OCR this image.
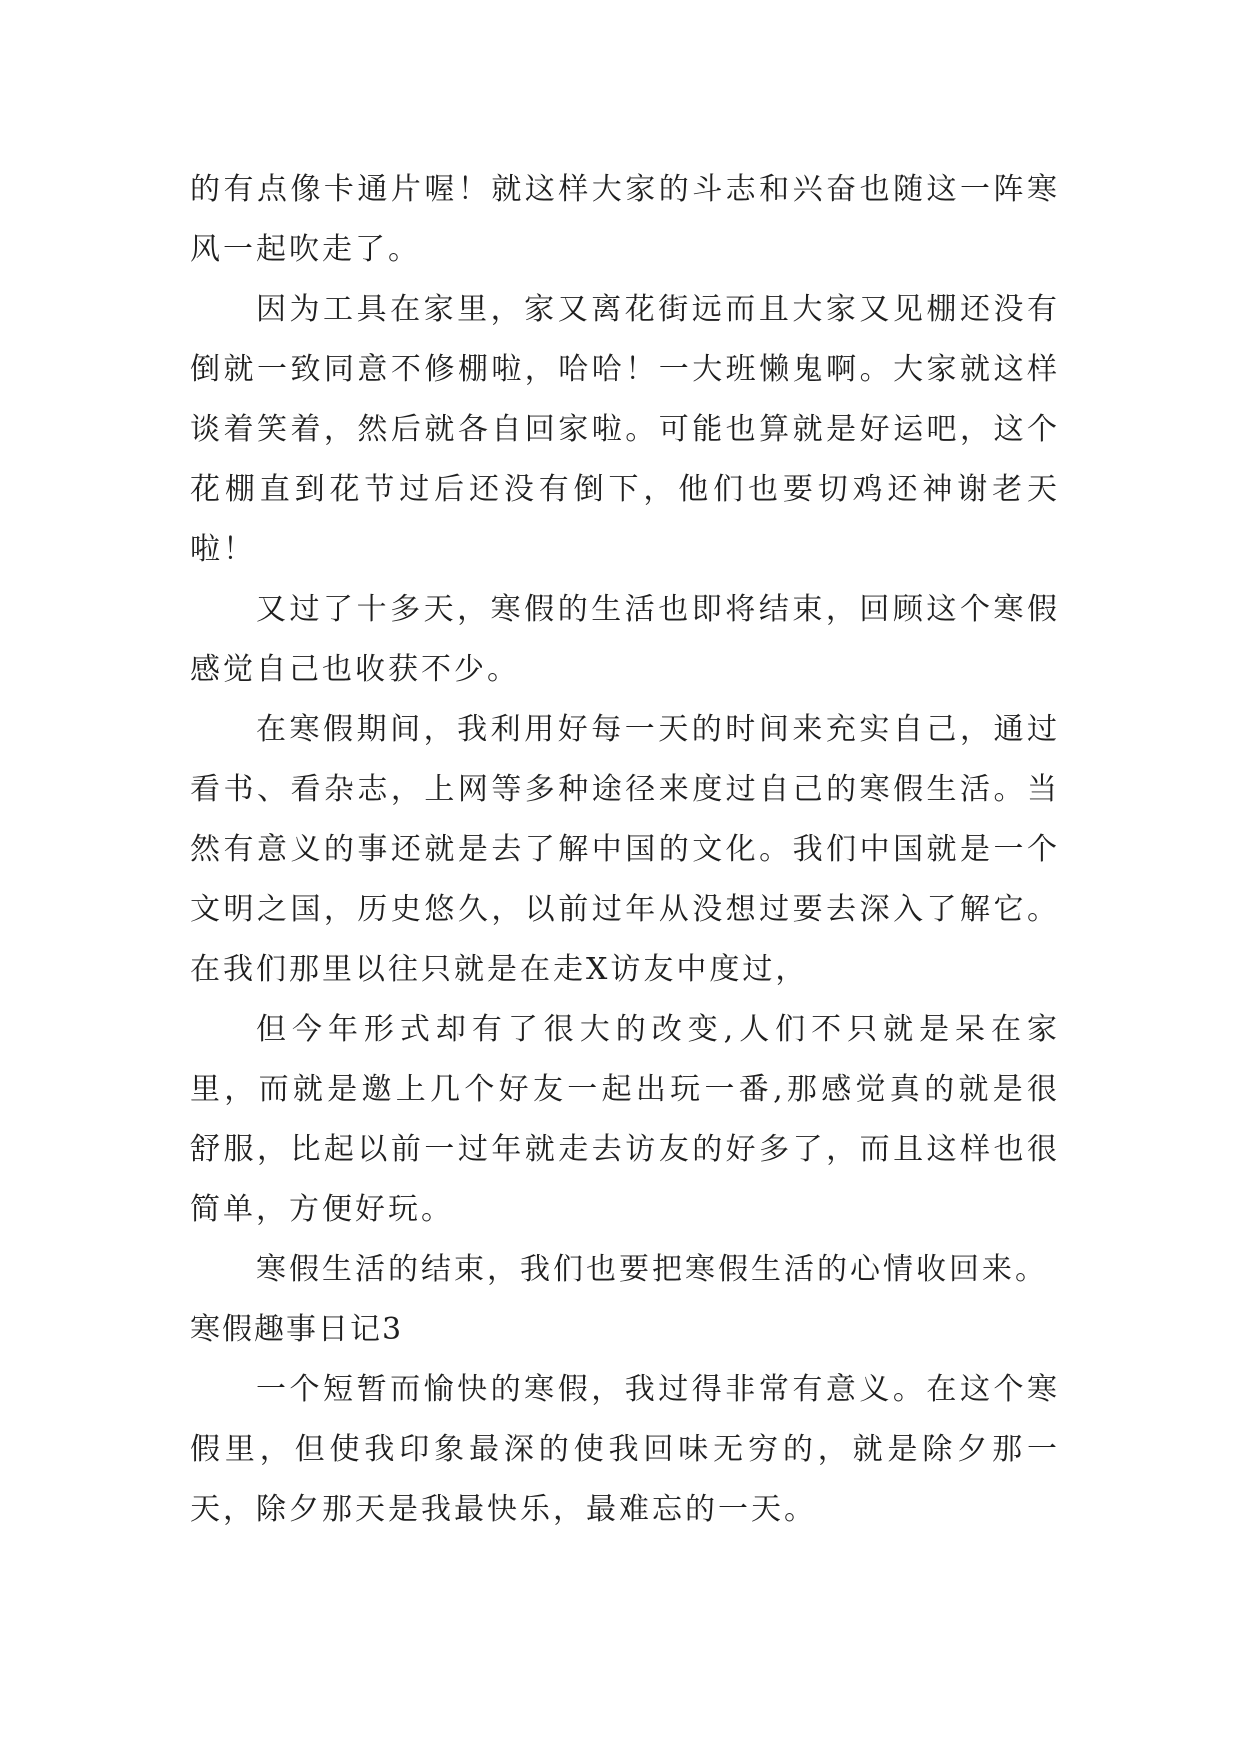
的有点像卡通片喔！就这样大家的斗志和兴奋也随这一阵寒风一起吹走了。

因为工具在家里，家又离花街远而且大家又见棚还没有倒就一致同意不修棚啦，哈哈！一大班懒鬼啊。大家就这样谈着笑着，然后就各自回家啦。可能也算就是好运吧，这个花棚直到花节过后还没有倒下，他们也要切鸡还神谢老天啦！

又过了十多天，寒假的生活也即将结束，回顾这个寒假感觉自己也收获不少。

在寒假期间，我利用好每一天的时间来充实自己，通过看书、看杂志，上网等多种途径来度过自己的寒假生活。当然有意义的事还就是去了解中国的文化。我们中国就是一个文明之国，历史悠久，以前过年从没想过要去深入了解它。在我们那里以往只就是在走X访友中度过，

但今年形式却有了很大的改变,人们不只就是呆在家里，而就是邀上几个好友一起出玩一番,那感觉真的就是很舒服，比起以前一过年就走去访友的好多了，而且这样也很简单，方便好玩。

寒假生活的结束，我们也要把寒假生活的心情收回来。

寒假趣事日记3

一个短暂而愉快的寒假，我过得非常有意义。在这个寒假里，但使我印象最深的使我回味无穷的，就是除夕那一天，除夕那天是我最快乐，最难忘的一天。
